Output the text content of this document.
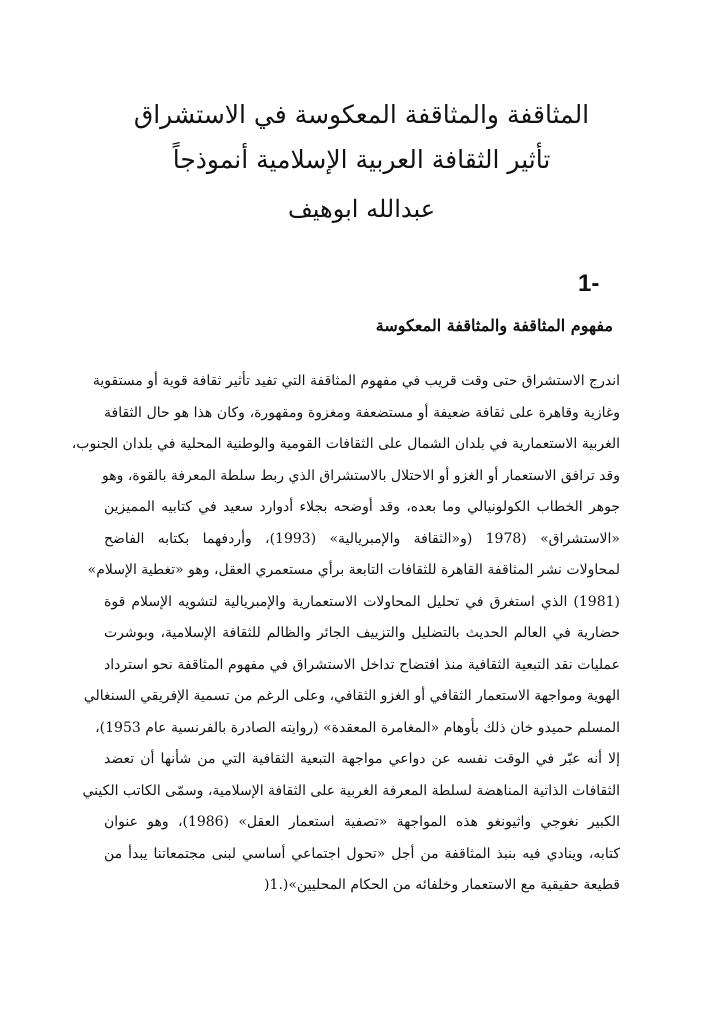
المثاقفة والمثاقفة المعكوسة في الاستشراق
تأثير الثقافة العربية الإسلامية أنموذجاً
عبدالله ابوهيف
1-
مفهوم المثاقفة والمثاقفة المعكوسة
اندرج الاستشراق حتى وقت قريب في مفهوم المثاقفة التي تفيد تأثير ثقافة قوية أو مستقوية
وغازية وقاهرة على ثقافة ضعيفة أو مستضعفة ومغزوة ومقهورة، وكان هذا هو حال الثقافة
الغربية الاستعمارية في بلدان الشمال على الثقافات القومية والوطنية المحلية في بلدان الجنوب،
وقد ترافق الاستعمار أو الغزو أو الاحتلال بالاستشراق الذي ربط سلطة المعرفة بالقوة، وهو
جوهر الخطاب الكولونيالي وما بعده، وقد أوضحه بجلاء أدوارد سعيد في كتابيه المميزين
«الاستشراق» (1978 (و«الثقافة والإمبريالية» (1993)، وأردفهما بكتابه الفاضح
لمحاولات نشر المثاقفة القاهرة للثقافات التابعة برأي مستعمري العقل، وهو «تغطية الإسلام»
(1981) الذي استغرق في تحليل المحاولات الاستعمارية والإمبريالية لتشويه الإسلام قوة
حضارية في العالم الحديث بالتضليل والتزييف الجائر والظالم للثقافة الإسلامية، وبوشرت
عمليات نقد التبعية الثقافية منذ افتضاح تداخل الاستشراق في مفهوم المثاقفة نحو استرداد
الهوية ومواجهة الاستعمار الثقافي أو الغزو الثقافي، وعلى الرغم من تسمية الإفريقي السنغالي
المسلم حميدو خان ذلك بأوهام «المغامرة المعقدة» (روايته الصادرة بالفرنسية عام 1953)،
إلا أنه عبّر في الوقت نفسه عن دواعي مواجهة التبعية الثقافية التي من شأنها أن تعضد
الثقافات الذاتية المناهضة لسلطة المعرفة الغربية على الثقافة الإسلامية، وسمّى الكاتب الكيني
الكبير نغوجي واثيونغو هذه المواجهة «تصفية استعمار العقل» (1986)، وهو عنوان
كتابه، وينادي فيه بنبذ المثاقفة من أجل «تحول اجتماعي أساسي لبنى مجتمعاتنا يبدأ من
قطيعة حقيقية مع الاستعمار وخلفائه من الحكام المحليين»(.1(
